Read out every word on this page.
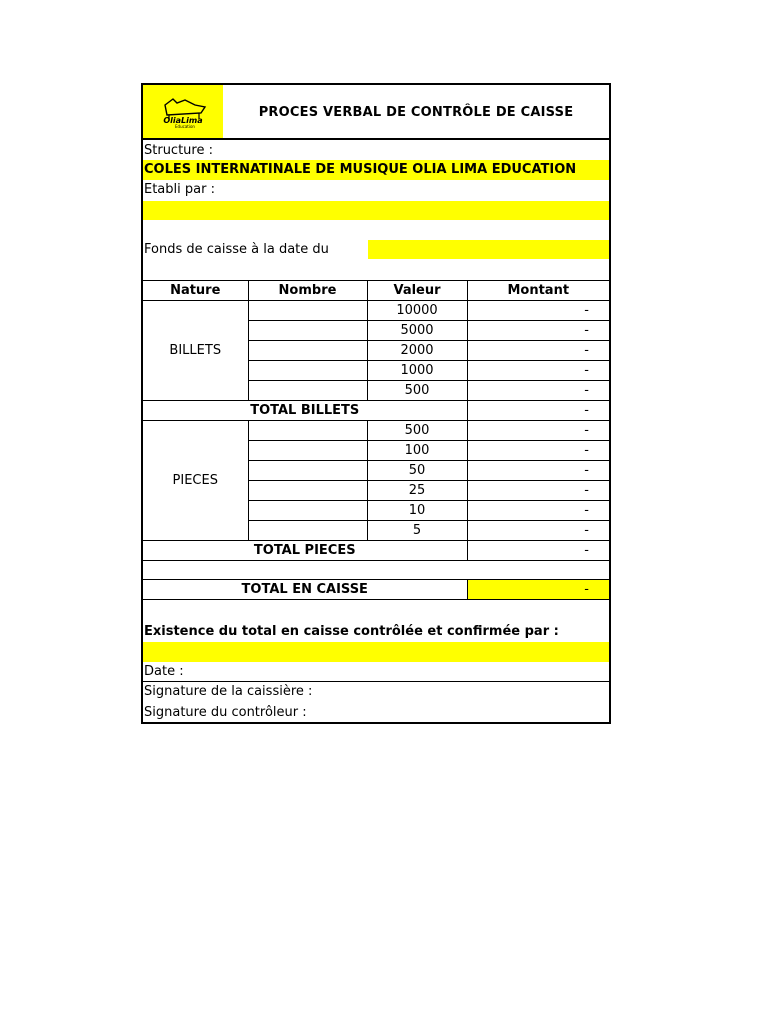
OliaLima
Education
PROCES VERBAL DE CONTRÔLE DE CAISSE
Structure :
COLES INTERNATINALE DE MUSIQUE OLIA LIMA EDUCATION
Etabli par :
Fonds de caisse à la date du
Nature	Nombre	Valeur	Montant
BILLETS		10000	-
		5000	-
		2000	-
		1000	-
		500	-
TOTAL BILLETS			-
PIECES		500	-
		100	-
		50	-
		25	-
		10	-
		5	-
TOTAL PIECES			-

TOTAL EN CAISSE			-
Existence du total en caisse contrôlée et confirmée par :
Date :
Signature de la caissière :
Signature du contrôleur :
